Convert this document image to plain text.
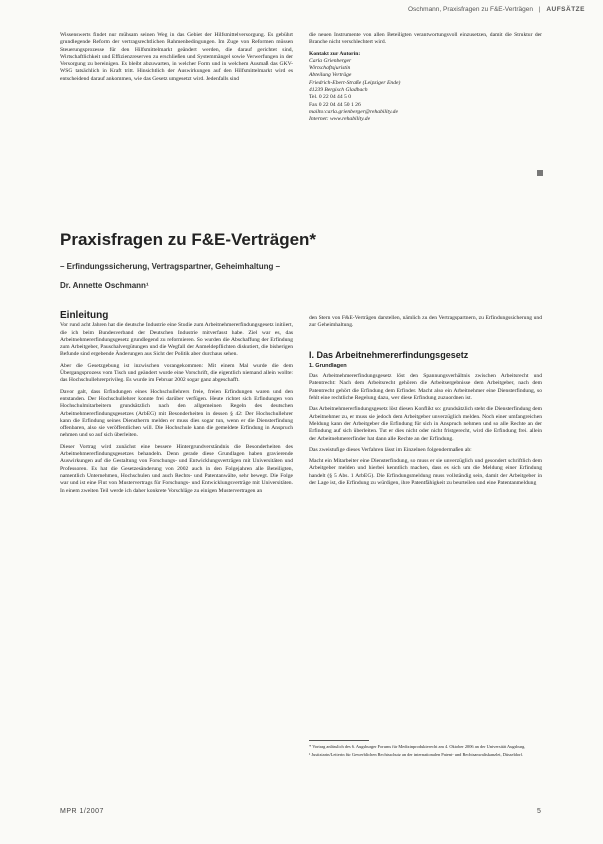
Oschmann, Praxisfragen zu F&E-Verträgen | AUFSÄTZE

Wissenswerts findet nur mühsam seinen Weg in das Gebiet der Hilfsmittelversorgung. Es gebührt grundlegende Reform der vertragsrechtlichen Rahmenbedingungen. Im Zuge von Reformen müssen Steuerungsprozesse für den Hilfsmittelmarkt geändert werden, die darauf gerichtet sind, Wirtschaftlichkeit und Effizienzreserven zu erschließen und Systemmängel sowie Verwerfungen in der Versorgung zu bereinigen. Es bleibt abzuwarten, in welcher Form und in welchem Ausmaß das GKV-WSG tatsächlich in Kraft tritt. Hinsichtlich der Auswirkungen auf den Hilfsmittelmarkt wird es entscheidend darauf ankommen, wie das Gesetz umgesetzt wird. Jedenfalls sind

die neuen Instrumente von allen Beteiligten verantwortungsvoll einzusetzen, damit die Struktur der Branche nicht verschlechtert wird.

Kontakt zur Autorin:
Carla Grienberger
Wirtschaftsjuristin
Abteilung Verträge
Friedrich-Ebert-Straße (Leipziger Ende)
41239 Bergisch Gladbach
Tel. 0 22 04 44 5 0
Fax 0 22 04 44 50 1 26
mailto:carla.grienberger@rehability.de
Internet: www.rehability.de
Praxisfragen zu F&E-Verträgen*
– Erfindungssicherung, Vertragspartner, Geheimhaltung –
Dr. Annette Oschmann¹
Einleitung

Vor rund acht Jahren hat die deutsche Industrie eine Studie zum Arbeitnehmererfindungsgesetz initiiert, die ich beim Bundesverband der Deutschen Industrie mitverfasst habe. Ziel war es, das Arbeitnehmererfindungsgesetz grundlegend zu reformieren. So wurden die Abschaffung der Erfindung zum Arbeitgeber, Pauschalvergütungen und die Wegfall der Anmeldepflichten diskutiert, die bisherigen Befunde sind ergebende Änderungen aus Sicht der Politik aber durchaus sehen.

Aber die Gesetzgebung ist inzwischen vorangekommen: Mit einem Mal wurde die dem Übergangsprozess vom Tisch und geändert wurde eine Vorschrift, die eigentlich niemand allein wollte: das Hochschullehrerprivileg. Es wurde im Februar 2002 sogar ganz abgeschafft.

Davor galt, dass Erfindungen eines Hochschullehrers freie, freien Erfindungen waren und den entstanden. Der Hochschullehrer konnte frei darüber verfügen. Heute richtet sich Erfindungen von Hochschulmitarbeitern grundsätzlich nach den allgemeinen Regeln des deutschen Arbeitnehmererfindungsgesetzes (ArbEG) mit Besonderheiten in dessen § 42: Der Hochschullehrer kann die Erfindung seines Dienstherrn melden er muss dies sogar tun, wenn er die Diensterfindung offenbaren, also sie veröffentlichen will. Die Hochschule kann die gemeldete Erfindung in Anspruch nehmen und so auf sich überleiten.

Dieser Vortrag wird zunächst eine bessere Hintergrundverständnis die Besonderheiten des Arbeitnehmererfindungsgesetzes behandeln. Denn gerade diese Grundlagen haben gravierende Auswirkungen auf die Gestaltung von Forschungs- und Entwicklungsverträgen mit Universitäten und Professoren. Es hat die Gesetzesänderung von 2002 auch in den Folgejahren alle Beteiligten, namentlich Unternehmen, Hochschulen und auch Rechts- und Patentanwälte, sehr bewegt. Die Folge war und ist eine Flut von Mustervertrags für Forschungs- und Entwicklungsverträge mit Universitäten. In einem zweiten Teil werde ich daher konkrete Vorschläge zu einigen Mustervertragen an

den Stern von F&E-Verträgen darstellen, nämlich zu den Vertragspartnern, zu Erfindungssicherung und zur Geheimhaltung.

I. Das Arbeitnehmererfindungsgesetz
1. Grundlagen

Das Arbeitnehmererfindungsgesetz löst den Spannungsverhältnis zwischen Arbeitsrecht und Patentrecht: Nach dem Arbeitsrecht gehören die Arbeitsergebnisse dem Arbeitgeber, nach dem Patentrecht gehört die Erfindung dem Erfinder. Macht also ein Arbeitnehmer eine Diensterfindung, so fehlt eine rechtliche Regelung dazu, wer diese Erfindung zuzuordnen ist.

Das Arbeitnehmererfindungsgesetz löst diesen Konflikt so: grundsätzlich steht die Diensterfindung dem Arbeitnehmer zu, er muss sie jedoch dem Arbeitgeber unverzüglich melden. Noch einer umfangreichen Meldung kann der Arbeitgeber die Erfindung für sich in Anspruch nehmen und so alle Rechte an der Erfindung auf sich überleiten. Tut er dies nicht oder nicht fristgerecht, wird die Erfindung frei. allein der Arbeitnehmererfinder hat dann alle Rechte an der Erfindung.

Das zweistufige dieses Verfahren lässt im Einzelnen folgendermaßen ab:

Macht ein Mitarbeiter eine Diensterfindung, so muss er sie unverzüglich und gesondert schriftlich dem Arbeitgeber melden und hierbei kenntlich machen, dass es sich um die Meldung einer Erfindung handelt (§ 5 Abs. 1 ArbEG). Die Erfindungsmeldung muss vollständig sein, damit der Arbeitgeber in der Lage ist, die Erfindung zu würdigen, ihre Patentfähigkeit zu beurteilen und eine Patentanmeldung

* Vortrag anlässlich des 6. Augsburger Forums für Medizinprodukterecht am 4. Oktober 2006 an der Universität Augsburg.

¹ Justiziarin/Leiterin für Gewerblichen Rechtsschutz an der internationalen Patent- und Rechtsanwaltskanzlei, Düsseldorf.

MPR 1/2007	5
